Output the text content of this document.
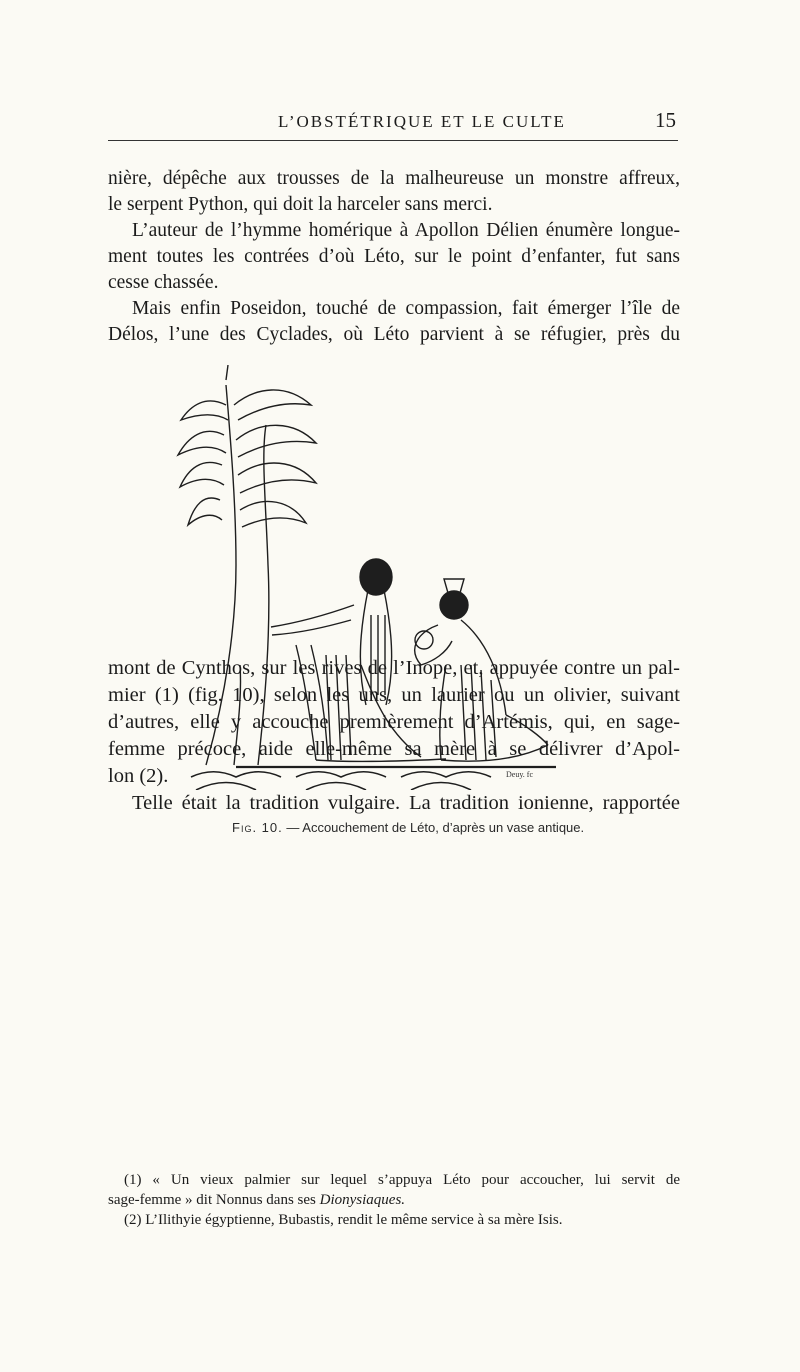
L’OBSTÉTRIQUE ET LE CULTE	15
nière, dépêche aux trousses de la malheureuse un monstre affreux,
le serpent Python, qui doit la harceler sans merci.
L’auteur de l’hymme homérique à Apollon Délien énumère longue-
ment toutes les contrées d’où Léto, sur le point d’enfanter, fut sans
cesse chassée.
Mais enfin Poseidon, touché de compassion, fait émerger l’île de
Délos, l’une des Cyclades, où Léto parvient à se réfugier, près du
Deuy. fc
Fig. 10. — Accouchement de Léto, d’après un vase antique.
mont de Cynthos, sur les rives de l’Inope, et, appuyée contre un pal-
mier (1) (fig. 10), selon les uns, un laurier ou un olivier, suivant
d’autres, elle y accouche premièrement d’Artémis, qui, en sage-
femme précoce, aide elle-même sa mère à se délivrer d’Apol-
lon (2).
Telle était la tradition vulgaire. La tradition ionienne, rapportée
(1) « Un vieux palmier sur lequel s’appuya Léto pour accoucher, lui servit de
sage-femme » dit Nonnus dans ses Dionysiaques.
(2) L’Ilithyie égyptienne, Bubastis, rendit le même service à sa mère Isis.
